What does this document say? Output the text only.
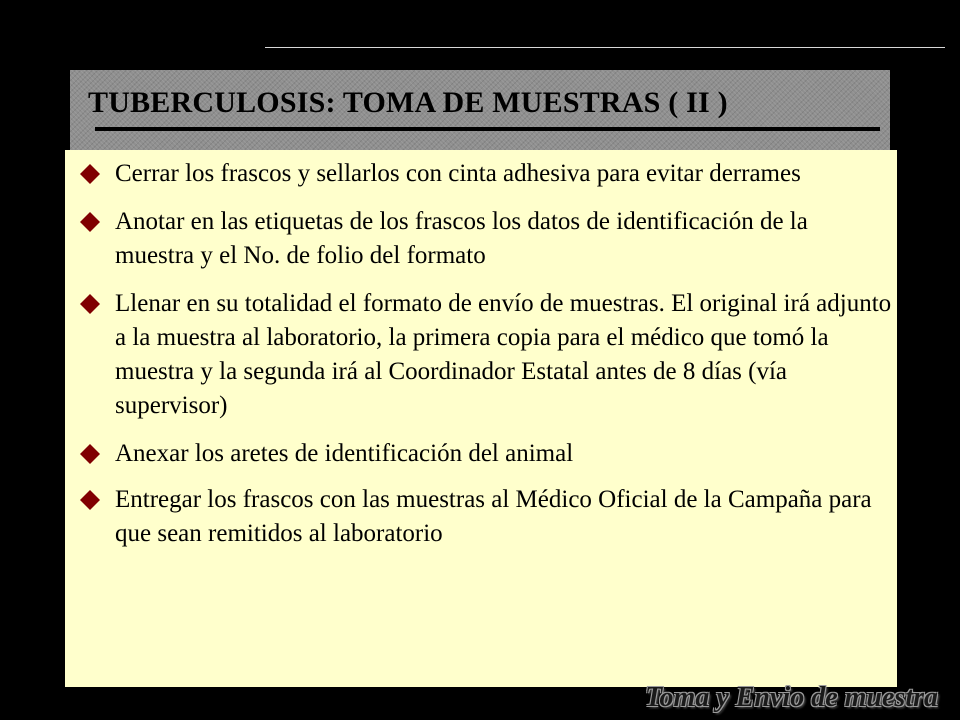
TUBERCULOSIS: TOMA DE MUESTRAS ( II )
Cerrar los frascos y sellarlos con cinta adhesiva para evitar derrames
Anotar en las etiquetas de los frascos los datos de identificación de la muestra y el No. de folio del formato
Llenar en su totalidad el formato de envío de muestras. El original irá adjunto a la muestra al laboratorio, la primera copia para el médico que tomó la muestra y la segunda irá al Coordinador Estatal antes de 8 días (vía supervisor)
Anexar los aretes de identificación del animal
Entregar los frascos con las muestras al Médico Oficial de la Campaña para que sean remitidos al laboratorio

Toma y Envio de muestra
